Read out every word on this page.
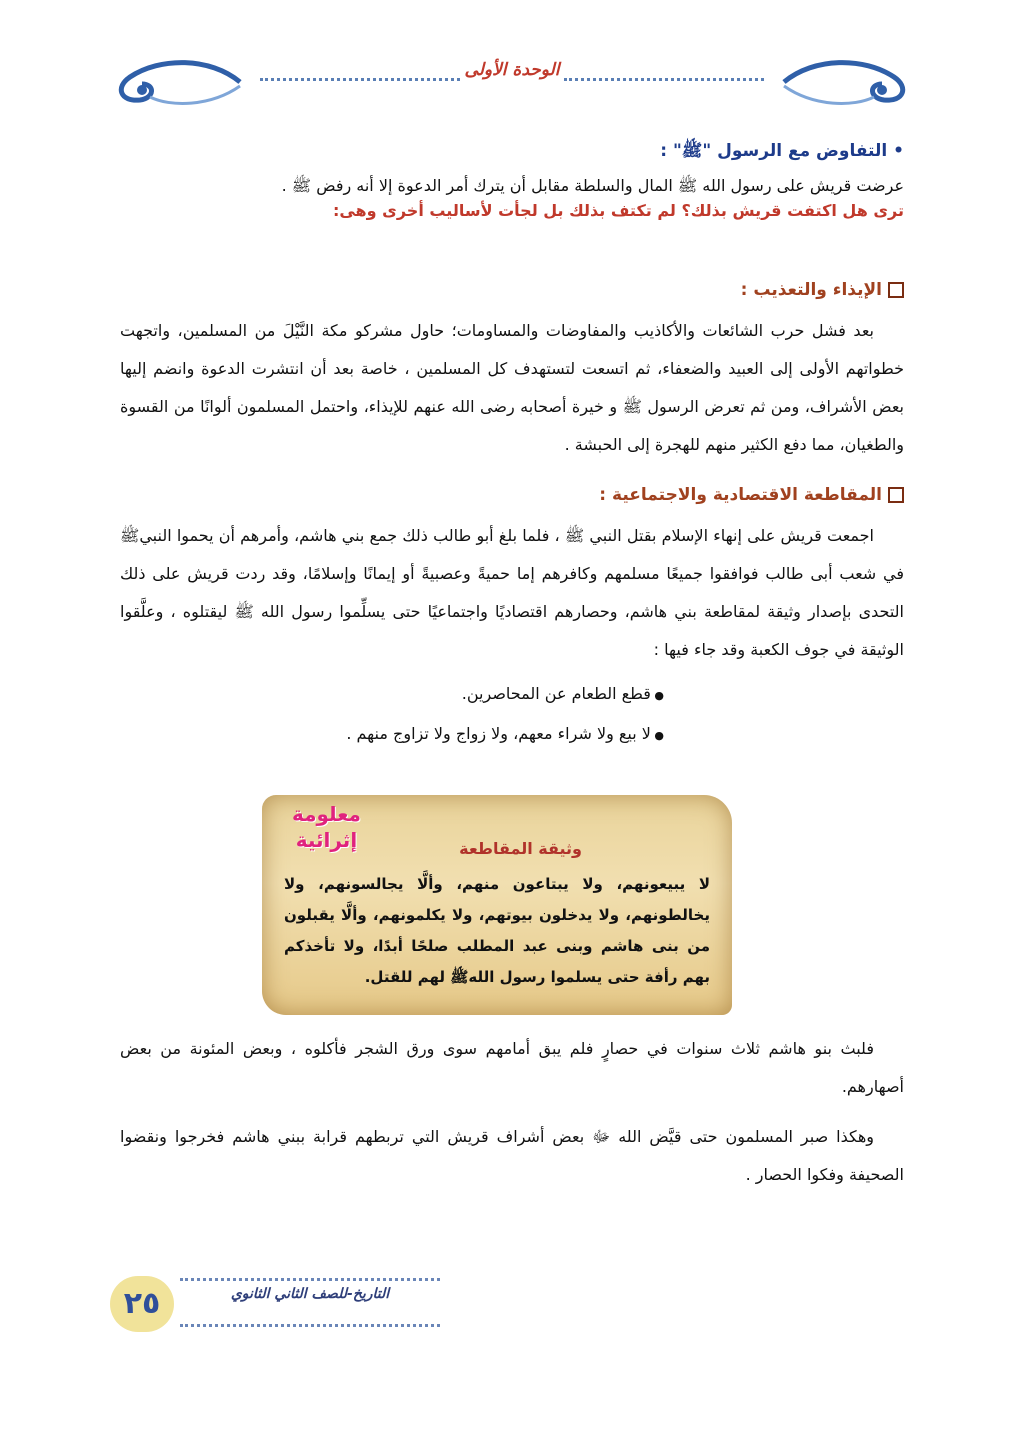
الوحدة الأولى
• التفاوض مع الرسول "ﷺ" :

عرضت قريش على رسول الله ﷺ المال والسلطة مقابل أن يترك أمر الدعوة إلا أنه رفض ﷺ .

ترى هل اكتفت قريش بذلك؟ لم تكتف بذلك بل لجأت لأساليب أخرى وهى:
الإيذاء والتعذيب :

بعد فشل حرب الشائعات والأكاذيب والمفاوضات والمساومات؛ حاول مشركو مكة النَّيْلَ من المسلمين، واتجهت خطواتهم الأولى إلى العبيد والضعفاء، ثم اتسعت لتستهدف كل المسلمين ، خاصة بعد أن انتشرت الدعوة وانضم إليها بعض الأشراف، ومن ثم تعرض الرسول ﷺ و خيرة أصحابه رضى الله عنهم للإيذاء، واحتمل المسلمون ألوانًا من القسوة والطغيان، مما دفع الكثير منهم للهجرة إلى الحبشة .

المقاطعة الاقتصادية والاجتماعية :

اجمعت قريش على إنهاء الإسلام بقتل النبي ﷺ ، فلما بلغ أبو طالب ذلك جمع بني هاشم، وأمرهم أن يحموا النبيﷺ في شعب أبى طالب فوافقوا جميعًا مسلمهم وكافرهم إما حميةً وعصبيةً أو إيمانًا وإسلامًا، وقد ردت قريش على ذلك التحدى بإصدار وثيقة لمقاطعة بني هاشم، وحصارهم اقتصاديًا واجتماعيًا حتى يسلِّموا رسول الله ﷺ ليقتلوه ، وعلَّقوا الوثيقة في جوف الكعبة وقد جاء فيها :

● قطع الطعام عن المحاصرين.
● لا بيع ولا شراء معهم، ولا زواج ولا تزاوج منهم .

فلبث بنو هاشم ثلاث سنوات في حصارٍ فلم يبق أمامهم سوى ورق الشجر فأكلوه ، وبعض المئونة من بعض أصهارهم.

وهكذا صبر المسلمون حتى قيَّض الله ﷻ بعض أشراف قريش التي تربطهم قرابة ببني هاشم فخرجوا ونقضوا الصحيفة وفكوا الحصار .

معلومة
إثرائية	وثيقة المقاطعة
لا يبيعونهم، ولا يبتاعون منهم، وألَّا يجالسونهم، ولا يخالطونهم، ولا يدخلون بيوتهم، ولا يكلمونهم، وألَّا يقبلون من بنى هاشم وبنى عبد المطلب صلحًا أبدًا، ولا تأخذكم بهم رأفة حتى يسلموا رسول اللهﷺ لهم للقتل.
٢٥	التاريخ-للصف الثاني الثانوي
